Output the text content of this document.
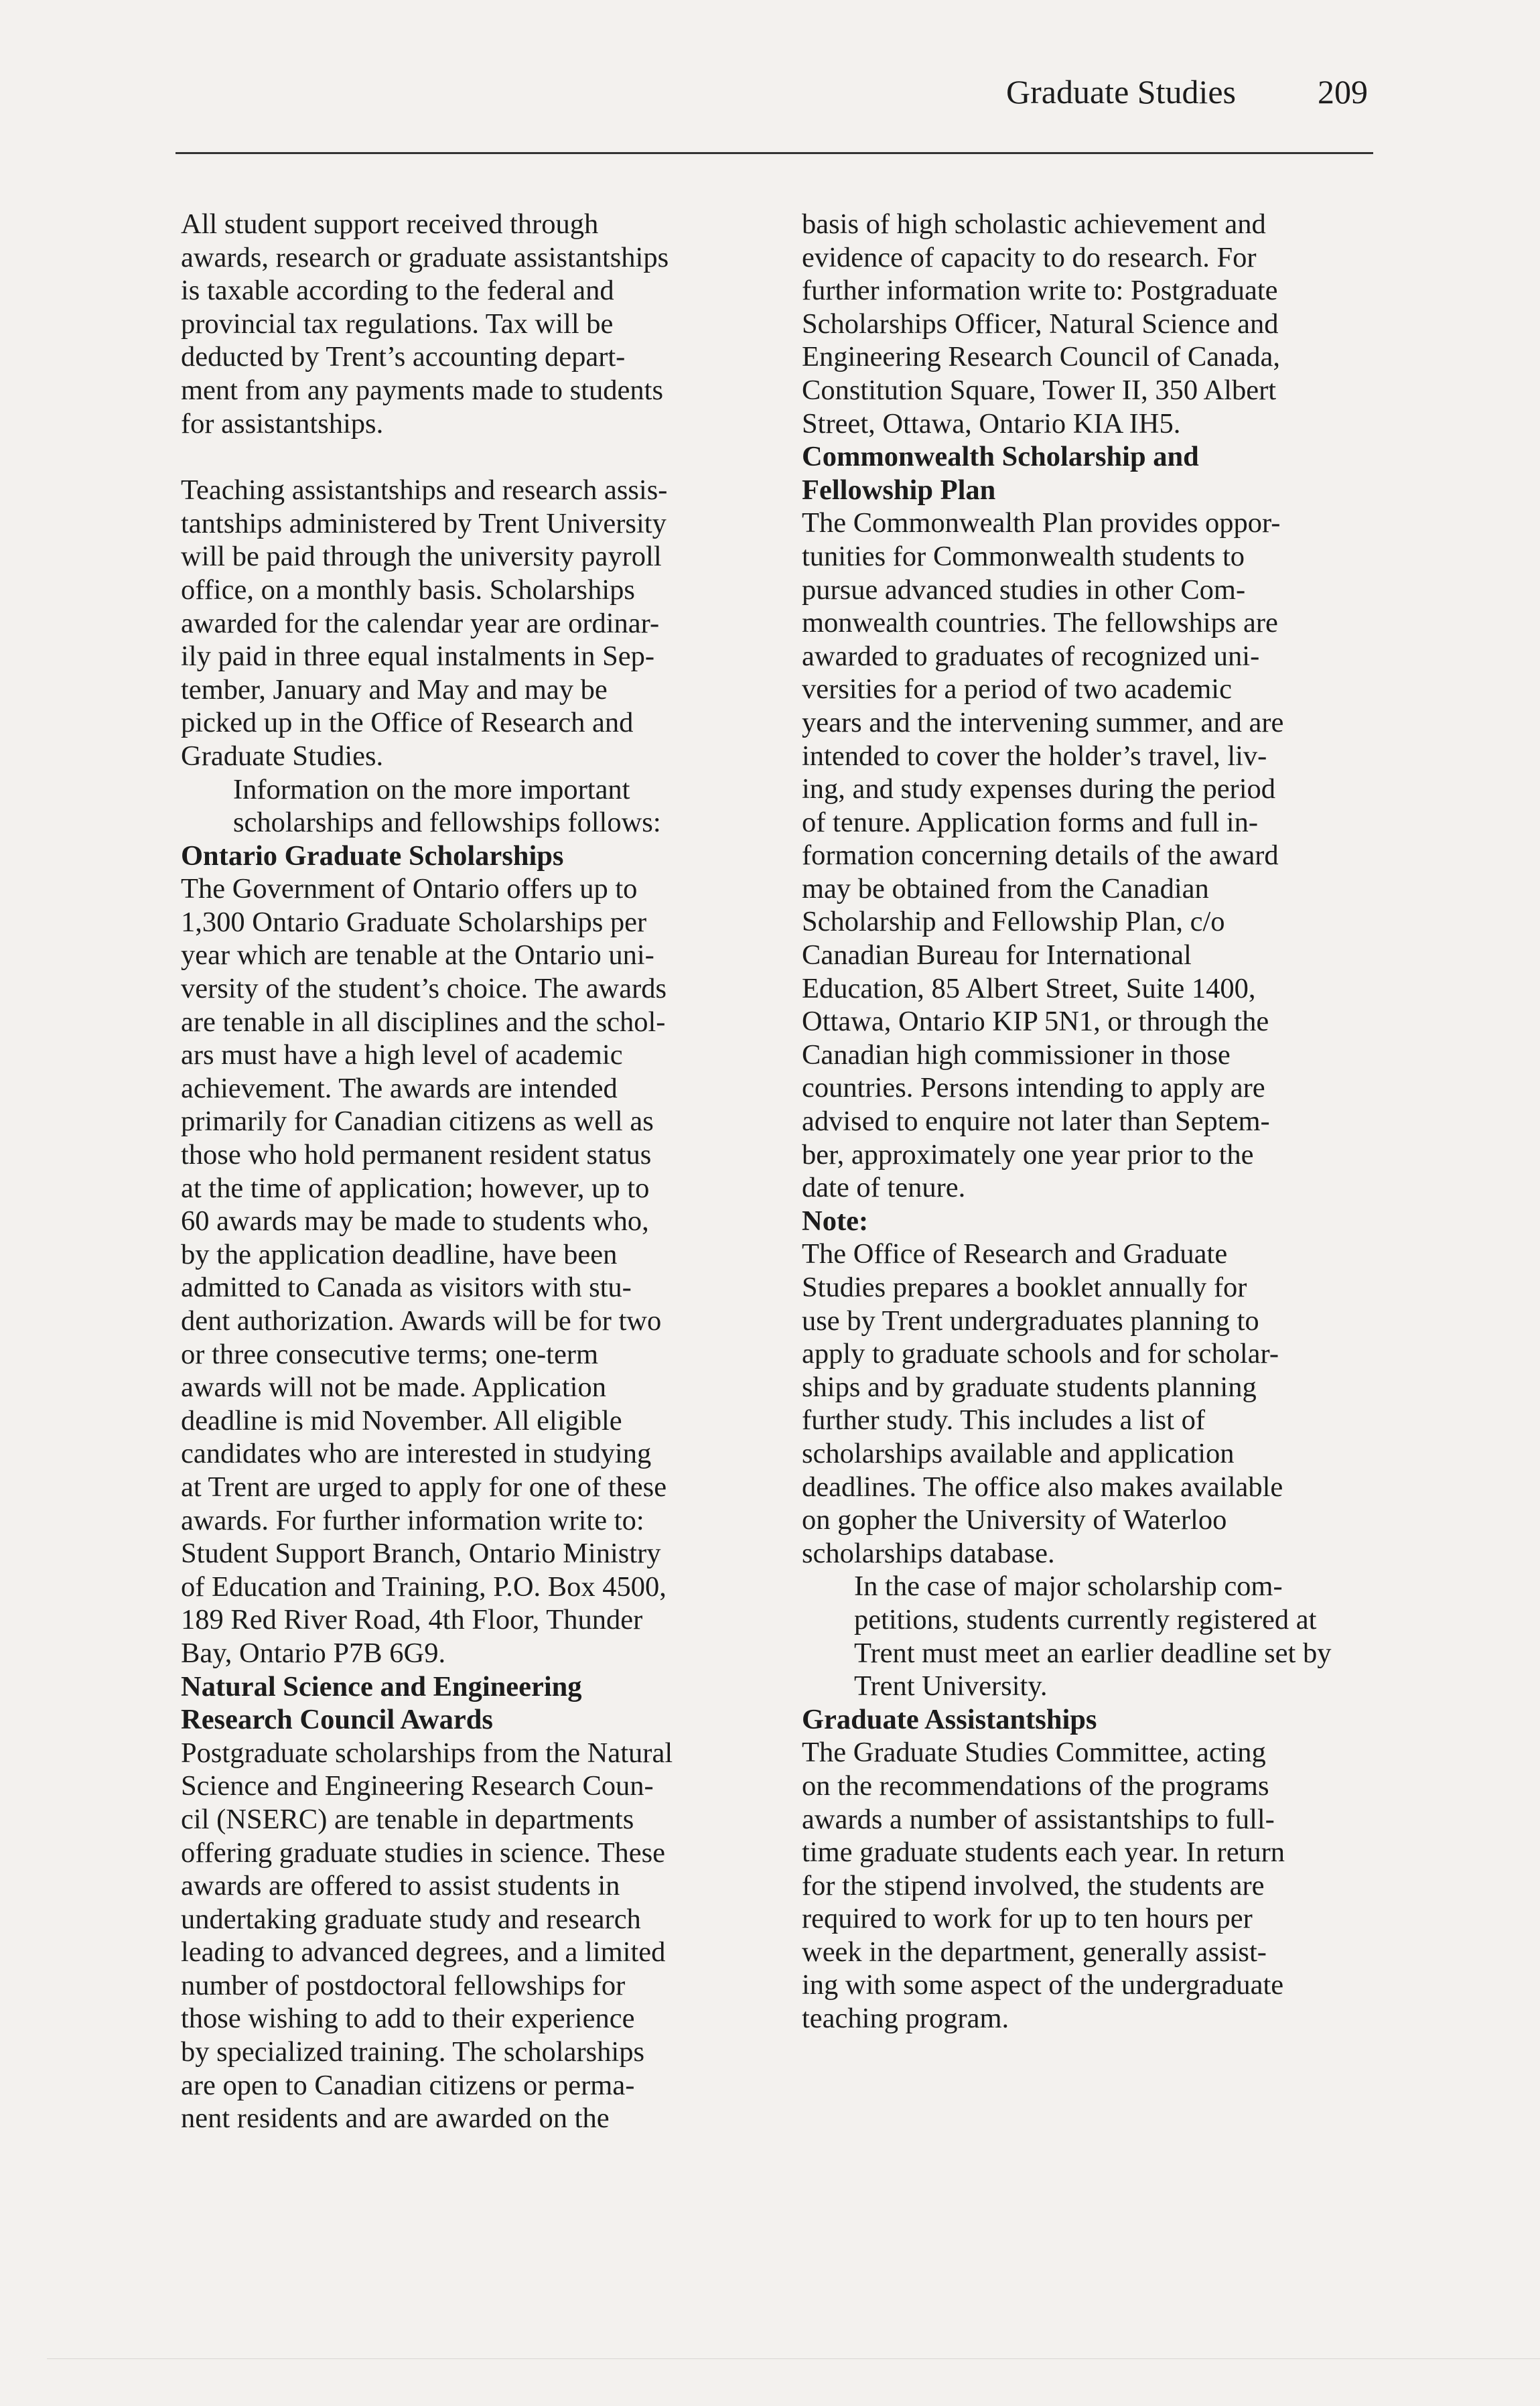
Graduate Studies 209

All student support received through
awards, research or graduate assistantships
is taxable according to the federal and
provincial tax regulations. Tax will be
deducted by Trent’s accounting depart-
ment from any payments made to students
for assistantships.

Teaching assistantships and research assis-
tantships administered by Trent University
will be paid through the university payroll
office, on a monthly basis. Scholarships
awarded for the calendar year are ordinar-
ily paid in three equal instalments in Sep-
tember, January and May and may be
picked up in the Office of Research and
Graduate Studies.

Information on the more important
scholarships and fellowships follows:

Ontario Graduate Scholarships

The Government of Ontario offers up to
1,300 Ontario Graduate Scholarships per
year which are tenable at the Ontario uni-
versity of the student’s choice. The awards
are tenable in all disciplines and the schol-
ars must have a high level of academic
achievement. The awards are intended
primarily for Canadian citizens as well as
those who hold permanent resident status
at the time of application; however, up to
60 awards may be made to students who,
by the application deadline, have been
admitted to Canada as visitors with stu-
dent authorization. Awards will be for two
or three consecutive terms; one-term
awards will not be made. Application
deadline is mid November. All eligible
candidates who are interested in studying
at Trent are urged to apply for one of these
awards. For further information write to:
Student Support Branch, Ontario Ministry
of Education and Training, P.O. Box 4500,
189 Red River Road, 4th Floor, Thunder
Bay, Ontario P7B 6G9.

Natural Science and Engineering
Research Council Awards

Postgraduate scholarships from the Natural
Science and Engineering Research Coun-
cil (NSERC) are tenable in departments
offering graduate studies in science. These
awards are offered to assist students in
undertaking graduate study and research
leading to advanced degrees, and a limited
number of postdoctoral fellowships for
those wishing to add to their experience
by specialized training. The scholarships
are open to Canadian citizens or perma-
nent residents and are awarded on the

basis of high scholastic achievement and
evidence of capacity to do research. For
further information write to: Postgraduate
Scholarships Officer, Natural Science and
Engineering Research Council of Canada,
Constitution Square, Tower II, 350 Albert
Street, Ottawa, Ontario KIA IH5.

Commonwealth Scholarship and
Fellowship Plan

The Commonwealth Plan provides oppor-
tunities for Commonwealth students to
pursue advanced studies in other Com-
monwealth countries. The fellowships are
awarded to graduates of recognized uni-
versities for a period of two academic
years and the intervening summer, and are
intended to cover the holder’s travel, liv-
ing, and study expenses during the period
of tenure. Application forms and full in-
formation concerning details of the award
may be obtained from the Canadian
Scholarship and Fellowship Plan, c/o
Canadian Bureau for International
Education, 85 Albert Street, Suite 1400,
Ottawa, Ontario KIP 5N1, or through the
Canadian high commissioner in those
countries. Persons intending to apply are
advised to enquire not later than Septem-
ber, approximately one year prior to the
date of tenure.

Note:

The Office of Research and Graduate
Studies prepares a booklet annually for
use by Trent undergraduates planning to
apply to graduate schools and for scholar-
ships and by graduate students planning
further study. This includes a list of
scholarships available and application
deadlines. The office also makes available
on gopher the University of Waterloo
scholarships database.

In the case of major scholarship com-
petitions, students currently registered at
Trent must meet an earlier deadline set by
Trent University.

Graduate Assistantships

The Graduate Studies Committee, acting
on the recommendations of the programs
awards a number of assistantships to full-
time graduate students each year. In return
for the stipend involved, the students are
required to work for up to ten hours per
week in the department, generally assist-
ing with some aspect of the undergraduate
teaching program.
